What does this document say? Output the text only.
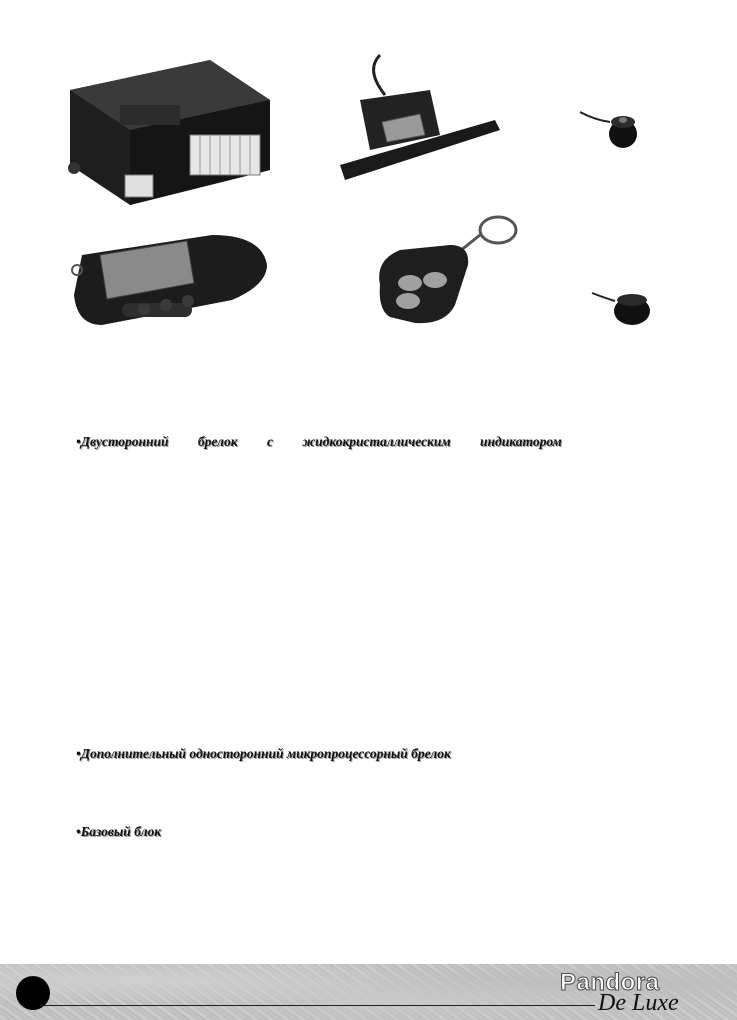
•Двусторонний брелок с жидкокристаллическим индикатором
•Дополнительный односторонний микропроцессорный брелок
•Базовый блок
Pandora
De Luxe
